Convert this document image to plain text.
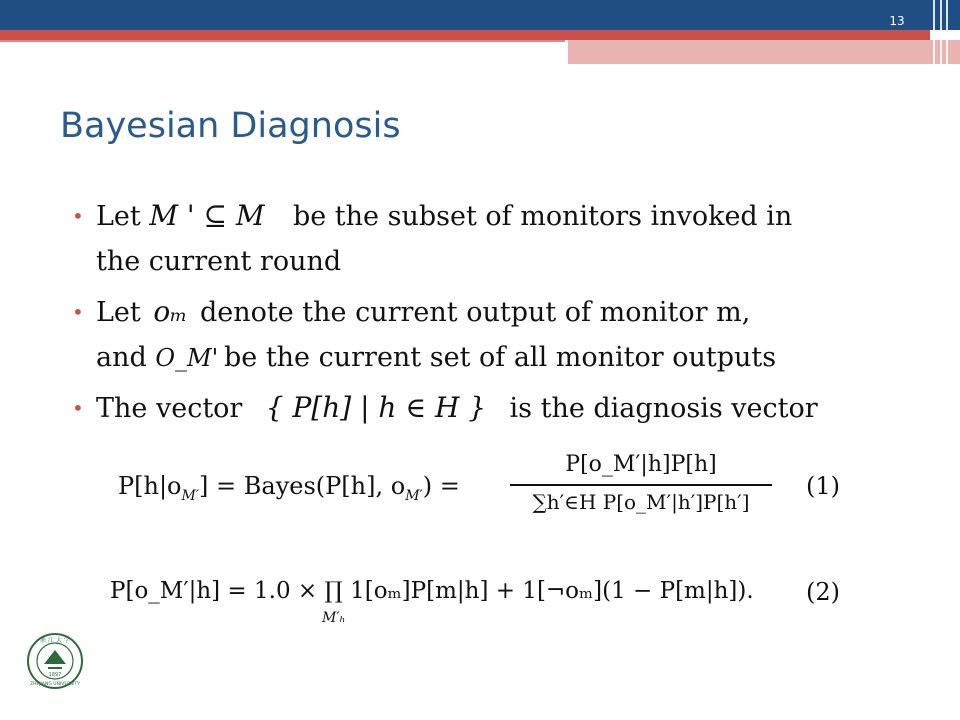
13
Bayesian Diagnosis
• Let M ' ⊆ M be the subset of monitors invoked in
the current round
• Let oₘ denote the current output of monitor m,
and O_M' be the current set of all monitor outputs
• The vector { P[h] | h ∈ H } is the diagnosis vector
$P[h|o_{M'}]$ = Bayes(P[h], $o_{M'}$) =
P[o_M′|h]P[h]
∑h′∈H P[o_M′|h′]P[h′]
(1)
P[o_M′|h] = 1.0 × ∏ 1[oₘ]P[m|h] + 1[¬oₘ](1 − P[m|h]).
M′ₕ
(2)
浙 江 大 学
ZHEJIANG UNIVERSITY
1897
